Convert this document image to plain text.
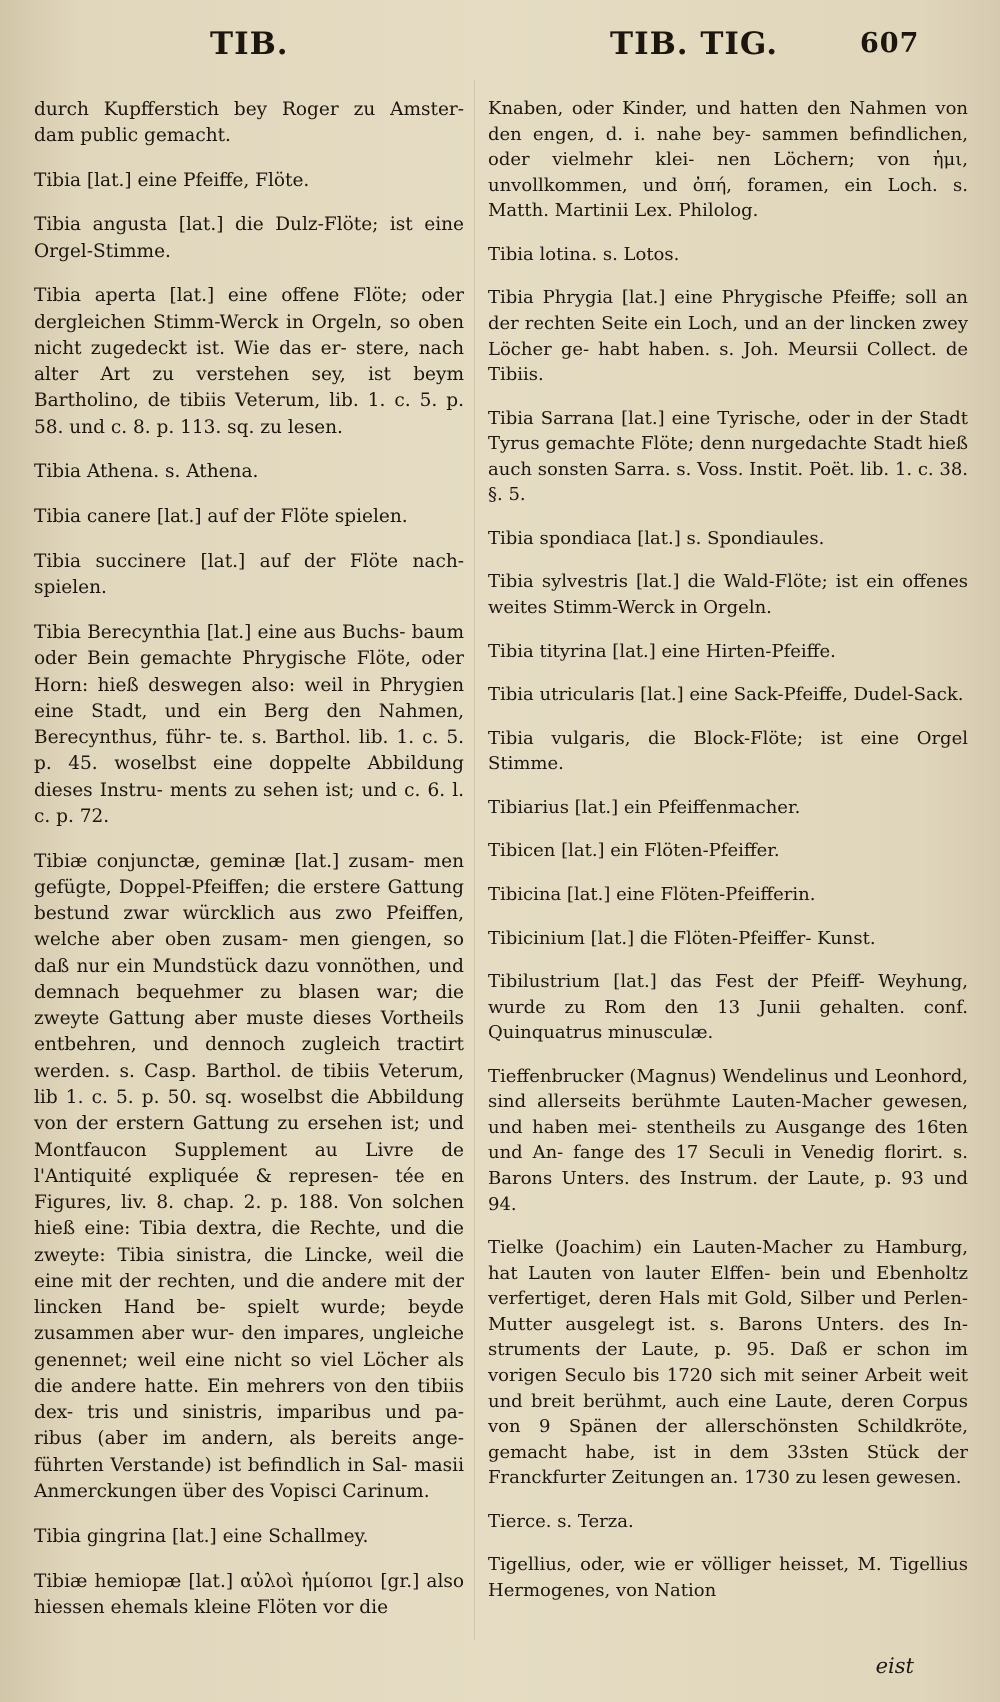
TIB.	TIB. TIG.	607

durch Kupfferstich bey Roger zu Amster- dam public gemacht.

Tibia [lat.] eine Pfeiffe, Flöte.

Tibia angusta [lat.] die Dulz-Flöte; ist eine Orgel-Stimme.

Tibia aperta [lat.] eine offene Flöte; oder dergleichen Stimm-Werck in Orgeln, so oben nicht zugedeckt ist. Wie das er- stere, nach alter Art zu verstehen sey, ist beym Bartholino, de tibiis Veterum, lib. 1. c. 5. p. 58. und c. 8. p. 113. sq. zu lesen.

Tibia Athena. s. Athena.

Tibia canere [lat.] auf der Flöte spielen.

Tibia succinere [lat.] auf der Flöte nach- spielen.

Tibia Berecynthia [lat.] eine aus Buchs- baum oder Bein gemachte Phrygische Flöte, oder Horn: hieß deswegen also: weil in Phrygien eine Stadt, und ein Berg den Nahmen, Berecynthus, führ- te. s. Barthol. lib. 1. c. 5. p. 45. woselbst eine doppelte Abbildung dieses Instru- ments zu sehen ist; und c. 6. l. c. p. 72.

Tibiæ conjunctæ, geminæ [lat.] zusam- men gefügte, Doppel-Pfeiffen; die erstere Gattung bestund zwar würcklich aus zwo Pfeiffen, welche aber oben zusam- men giengen, so daß nur ein Mundstück dazu vonnöthen, und demnach bequehmer zu blasen war; die zweyte Gattung aber muste dieses Vortheils entbehren, und dennoch zugleich tractirt werden. s. Casp. Barthol. de tibiis Veterum, lib 1. c. 5. p. 50. sq. woselbst die Abbildung von der erstern Gattung zu ersehen ist; und Montfaucon Supplement au Livre de l'Antiquité expliquée & represen- tée en Figures, liv. 8. chap. 2. p. 188. Von solchen hieß eine: Tibia dextra, die Rechte, und die zweyte: Tibia sinistra, die Lincke, weil die eine mit der rechten, und die andere mit der lincken Hand be- spielt wurde; beyde zusammen aber wur- den impares, ungleiche genennet; weil eine nicht so viel Löcher als die andere hatte. Ein mehrers von den tibiis dex- tris und sinistris, imparibus und pa- ribus (aber im andern, als bereits ange- führten Verstande) ist befindlich in Sal- masii Anmerckungen über des Vopisci Carinum.

Tibia gingrina [lat.] eine Schallmey.

Tibiæ hemiopæ [lat.] αὐλοὶ ἡμίοποι [gr.] also hiessen ehemals kleine Flöten vor die

Knaben, oder Kinder, und hatten den Nahmen von den engen, d. i. nahe bey- sammen befindlichen, oder vielmehr klei- nen Löchern; von ἡμι, unvollkommen, und ὀπή, foramen, ein Loch. s. Matth. Martinii Lex. Philolog.

Tibia lotina. s. Lotos.

Tibia Phrygia [lat.] eine Phrygische Pfeiffe; soll an der rechten Seite ein Loch, und an der lincken zwey Löcher ge- habt haben. s. Joh. Meursii Collect. de Tibiis.

Tibia Sarrana [lat.] eine Tyrische, oder in der Stadt Tyrus gemachte Flöte; denn nurgedachte Stadt hieß auch sonsten Sarra. s. Voss. Instit. Poët. lib. 1. c. 38. §. 5.

Tibia spondiaca [lat.] s. Spondiaules.

Tibia sylvestris [lat.] die Wald-Flöte; ist ein offenes weites Stimm-Werck in Orgeln.

Tibia tityrina [lat.] eine Hirten-Pfeiffe.

Tibia utricularis [lat.] eine Sack-Pfeiffe, Dudel-Sack.

Tibia vulgaris, die Block-Flöte; ist eine Orgel Stimme.

Tibiarius [lat.] ein Pfeiffenmacher.

Tibicen [lat.] ein Flöten-Pfeiffer.

Tibicina [lat.] eine Flöten-Pfeifferin.

Tibicinium [lat.] die Flöten-Pfeiffer- Kunst.

Tibilustrium [lat.] das Fest der Pfeiff- Weyhung, wurde zu Rom den 13 Junii gehalten. conf. Quinquatrus minusculæ.

Tieffenbrucker (Magnus) Wendelinus und Leonhord, sind allerseits berühmte Lauten-Macher gewesen, und haben mei- stentheils zu Ausgange des 16ten und An- fange des 17 Seculi in Venedig florirt. s. Barons Unters. des Instrum. der Laute, p. 93 und 94.

Tielke (Joachim) ein Lauten-Macher zu Hamburg, hat Lauten von lauter Elffen- bein und Ebenholtz verfertiget, deren Hals mit Gold, Silber und Perlen-Mutter ausgelegt ist. s. Barons Unters. des In- struments der Laute, p. 95. Daß er schon im vorigen Seculo bis 1720 sich mit seiner Arbeit weit und breit berühmt, auch eine Laute, deren Corpus von 9 Spänen der allerschönsten Schildkröte, gemacht habe, ist in dem 33sten Stück der Franckfurter Zeitungen an. 1730 zu lesen gewesen.

Tierce. s. Terza.

Tigellius, oder, wie er völliger heisset, M. Tigellius Hermogenes, von Nation

eist
